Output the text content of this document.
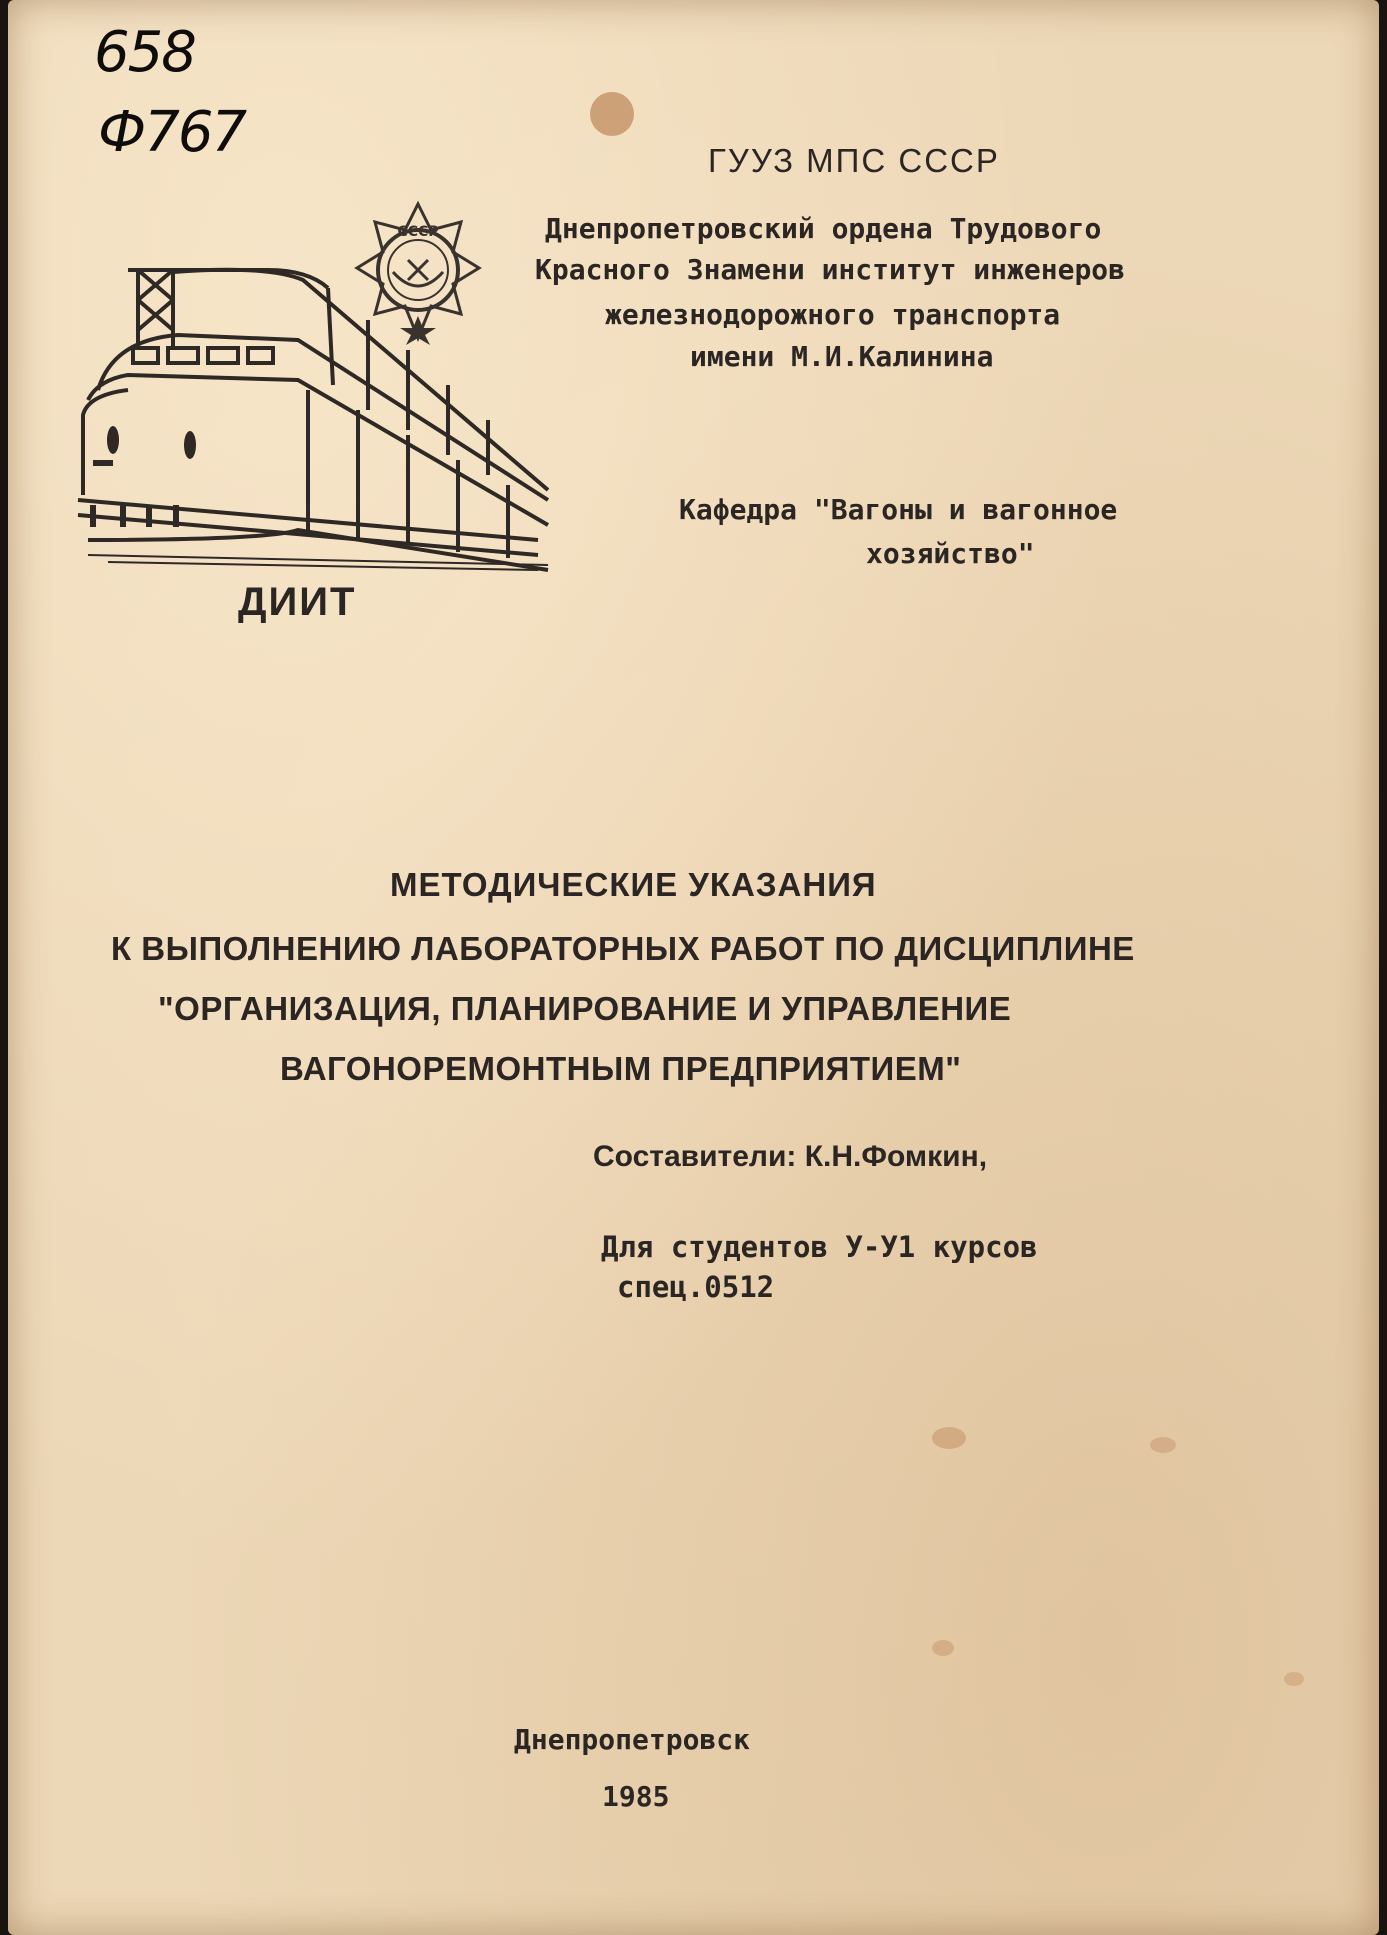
658

Ф767

СССР

ДИИТ

ГУУЗ МПС СССР

Днепропетровский ордена Трудового

Красного Знамени институт инженеров

железнодорожного транспорта

имени М.И.Калинина

Кафедра "Вагоны и вагонное

хозяйство"

МЕТОДИЧЕСКИЕ УКАЗАНИЯ

К ВЫПОЛНЕНИЮ ЛАБОРАТОРНЫХ РАБОТ ПО ДИСЦИПЛИНЕ

"ОРГАНИЗАЦИЯ, ПЛАНИРОВАНИЕ И УПРАВЛЕНИЕ

ВАГОНОРЕМОНТНЫМ ПРЕДПРИЯТИЕМ"

Составители: К.Н.Фомкин,

Для студентов У-У1 курсов

спец.0512

Днепропетровск

1985
